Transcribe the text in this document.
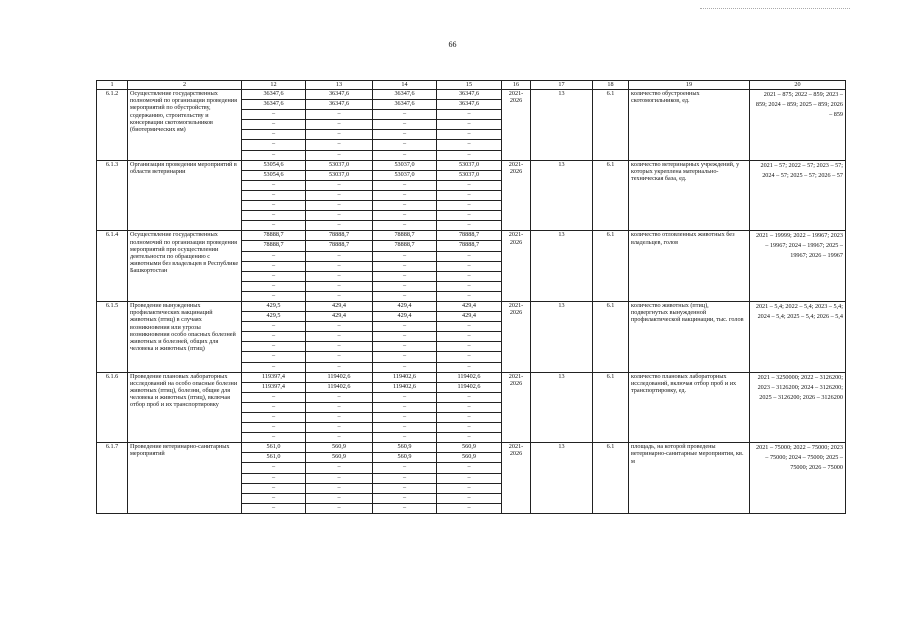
66
1	2	12	13	14	15	16	17	18	19	20
6.1.2	Осуществление государственных полномочий по организации проведения мероприятий по обустройству, содержанию, строительству и консервации скотомогильников (биотермических ям)	36347,6	36347,6	36347,6	36347,6	2021-2026	13	6.1	количество обустроенных скотомогильников, ед.	2021 – 875; 2022 – 859; 2023 – 859; 2024 – 859; 2025 – 859; 2026 – 859
		36347,6	36347,6	36347,6	36347,6					
		–	–	–	–					
		–	–	–	–					
		–	–	–	–					
		–	–	–	–					
		–	–	–	–					
6.1.3	Организация проведения мероприятий в области ветеринарии	53054,6	53037,0	53037,0	53037,0	2021-2026	13	6.1	количество ветеринарных учреждений, у которых укреплена материально-техническая база, ед.	2021 – 57; 2022 – 57; 2023 – 57; 2024 – 57; 2025 – 57; 2026 – 57
		53054,6	53037,0	53037,0	53037,0					
		–	–	–	–					
		–	–	–	–					
		–	–	–	–					
		–	–	–	–					
		–	–	–	–					
6.1.4	Осуществление государственных полномочий по организации проведения мероприятий при осуществлении деятельности по обращению с животными без владельцев в Республике Башкортостан	78888,7	78888,7	78888,7	78888,7	2021-2026	13	6.1	количество отловленных животных без владельцев, голов	2021 – 19999; 2022 – 19967; 2023 – 19967; 2024 – 19967; 2025 – 19967; 2026 – 19967
		78888,7	78888,7	78888,7	78888,7					
		–	–	–	–					
		–	–	–	–					
		–	–	–	–					
		–	–	–	–					
		–	–	–	–					
6.1.5	Проведение вынужденных профилактических вакцинаций животных (птиц) в случаях возникновения или угрозы возникновения особо опасных болезней животных и болезней, общих для человека и животных (птиц)	429,5	429,4	429,4	429,4	2021-2026	13	6.1	количество животных (птиц), подвергнутых вынужденной профилактической вакцинации, тыс. голов	2021 – 5,4; 2022 – 5,4; 2023 – 5,4; 2024 – 5,4; 2025 – 5,4; 2026 – 5,4
		429,5	429,4	429,4	429,4					
		–	–	–	–					
		–	–	–	–					
		–	–	–	–					
		–	–	–	–					
		–	–	–	–					
6.1.6	Проведение плановых лабораторных исследований на особо опасные болезни животных (птиц), болезни, общие для человека и животных (птиц), включая отбор проб и их транспортировку	119397,4	119402,6	119402,6	119402,6	2021-2026	13	6.1	количество плановых лабораторных исследований, включая отбор проб и их транспортировку, ед.	2021 – 3250000; 2022 – 3126200; 2023 – 3126200; 2024 – 3126200; 2025 – 3126200; 2026 – 3126200
		119397,4	119402,6	119402,6	119402,6					
		–	–	–	–					
		–	–	–	–					
		–	–	–	–					
		–	–	–	–					
		–	–	–	–					
6.1.7	Проведение ветеринарно-санитарных мероприятий	561,0	560,9	560,9	560,9	2021-2026	13	6.1	площадь, на которой проведены ветеринарно-санитарные мероприятия, кв. м	2021 – 75000; 2022 – 75000; 2023 – 75000; 2024 – 75000; 2025 – 75000; 2026 – 75000
		561,0	560,9	560,9	560,9					
		–	–	–	–					
		–	–	–	–					
		–	–	–	–					
		–	–	–	–					
		–	–	–	–					
